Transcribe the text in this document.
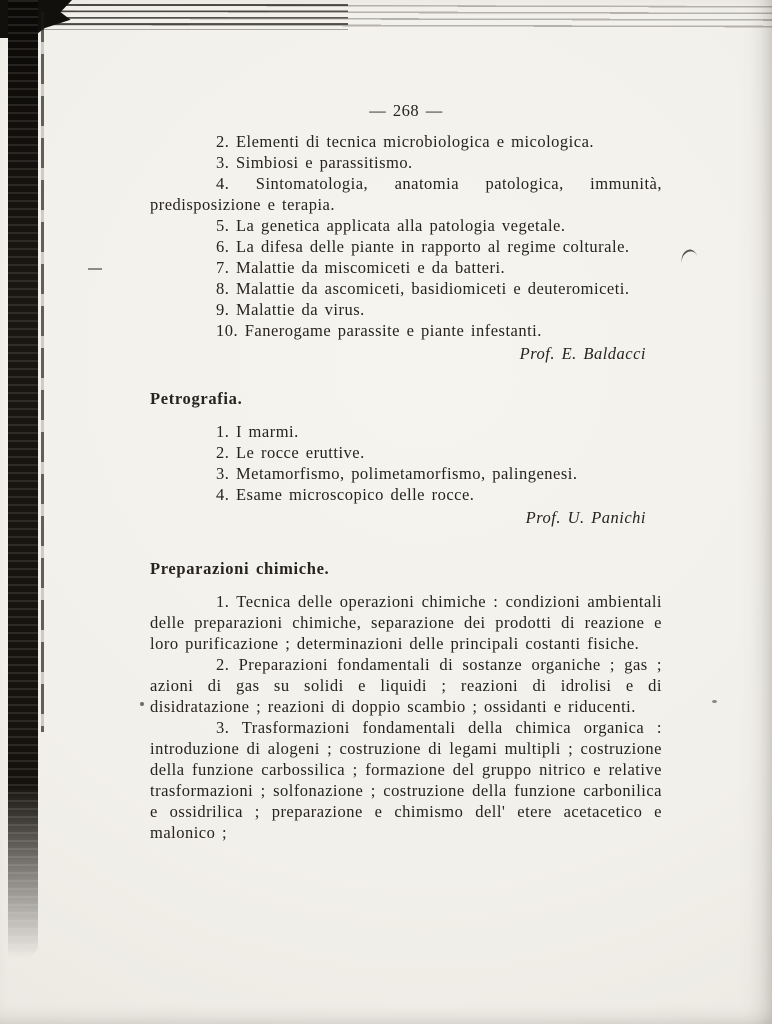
— 268 —

2. Elementi di tecnica microbiologica e micologica.

3. Simbiosi e parassitismo.

4. Sintomatologia, anatomia patologica, immunità, predisposizione e terapia.

5. La genetica applicata alla patologia vegetale.

6. La difesa delle piante in rapporto al regime colturale.

7. Malattie da miscomiceti e da batteri.

8. Malattie da ascomiceti, basidiomiceti e deuteromiceti.

9. Malattie da virus.

10. Fanerogame parassite e piante infestanti.

Prof. E. Baldacci

Petrografia.

1. I marmi.

2. Le rocce eruttive.

3. Metamorfismo, polimetamorfismo, palingenesi.

4. Esame microscopico delle rocce.

Prof. U. Panichi

Preparazioni chimiche.

1. Tecnica delle operazioni chimiche : condizioni ambientali delle preparazioni chimiche, separazione dei prodotti di reazione e loro purificazione ; determinazioni delle principali costanti fisiche.

2. Preparazioni fondamentali di sostanze organiche ; gas ; azioni di gas su solidi e liquidi ; reazioni di idrolisi e di disidratazione ; reazioni di doppio scambio ; ossidanti e riducenti.

3. Trasformazioni fondamentali della chimica organica : introduzione di alogeni ; costruzione di legami multipli ; costruzione della funzione carbossilica ; formazione del gruppo nitrico e relative trasformazioni ; solfonazione ; costruzione della funzione carbonilica e ossidrilica ; preparazione e chimismo dell' etere acetacetico e malonico ;
